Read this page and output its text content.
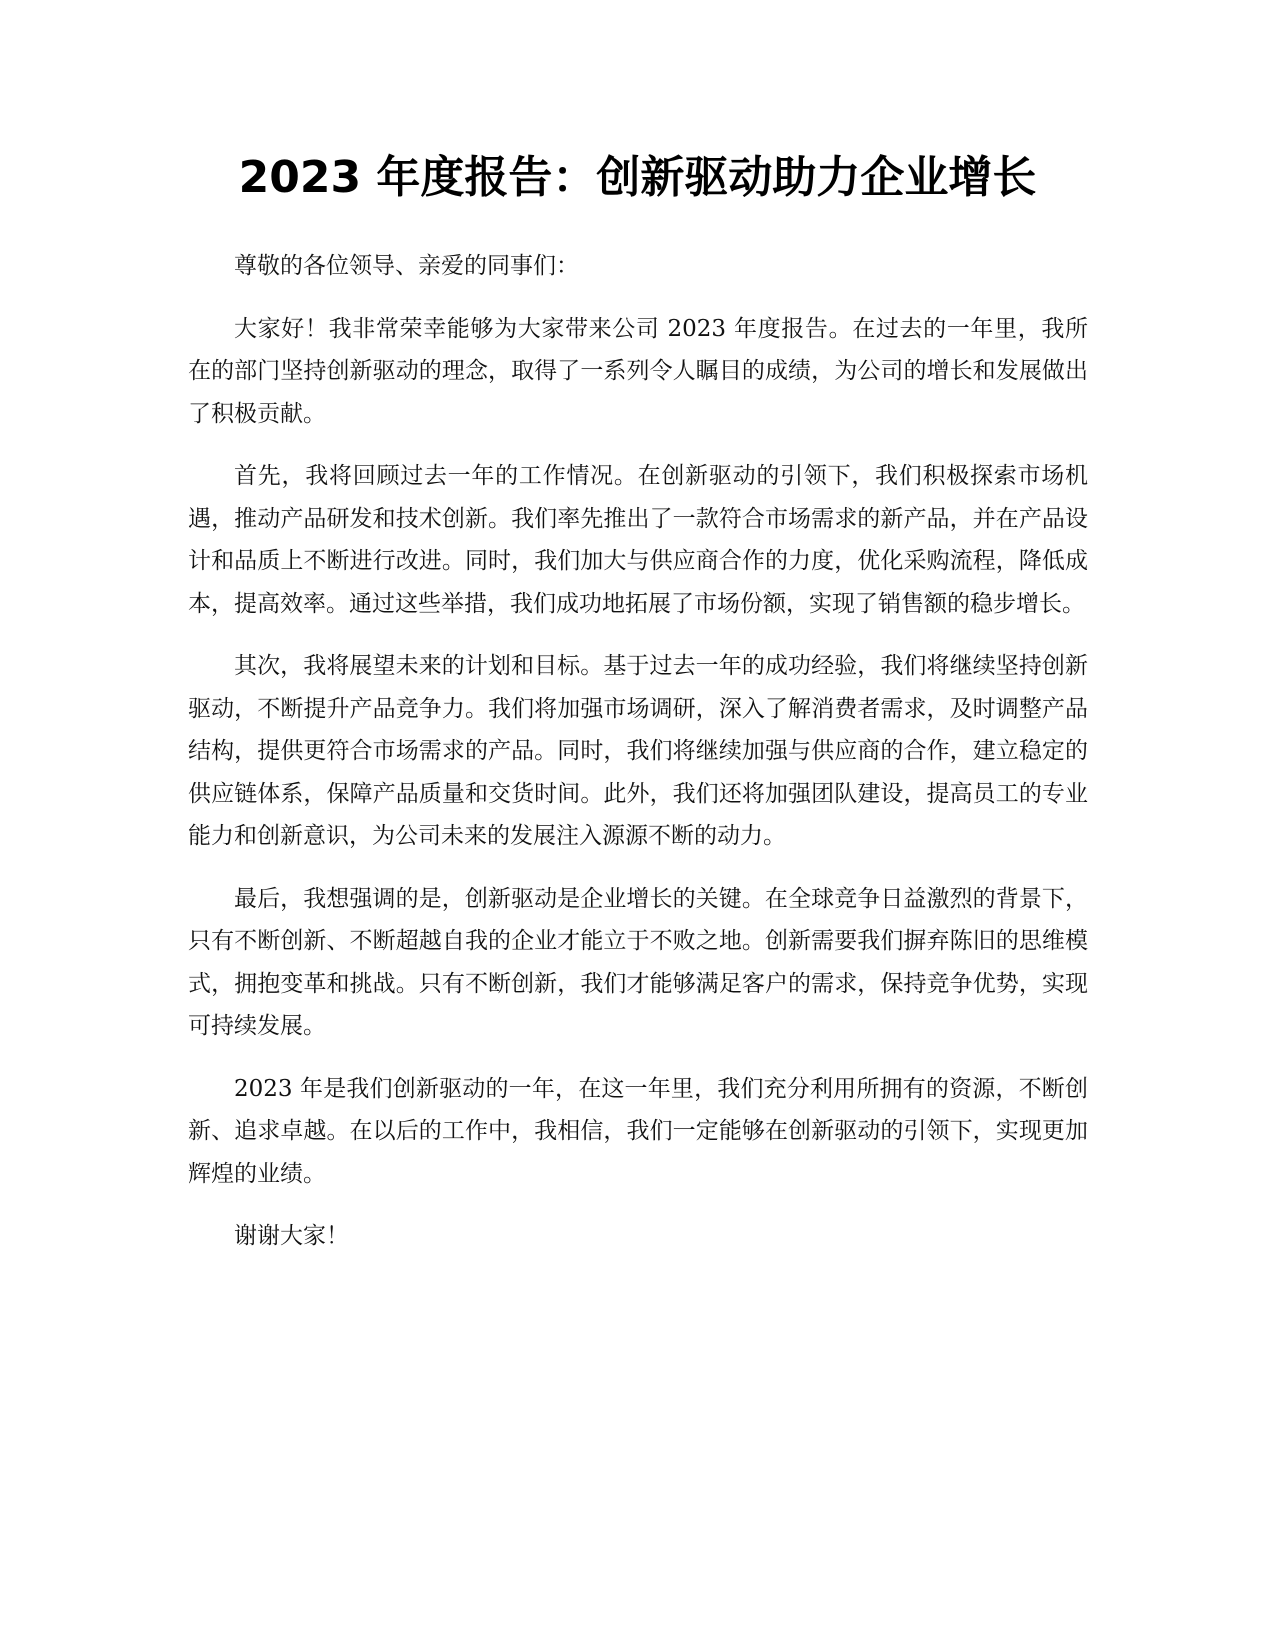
2023 年度报告：创新驱动助力企业增长

尊敬的各位领导、亲爱的同事们：

大家好！我非常荣幸能够为大家带来公司 2023 年度报告。在过去的一年里，我所在的部门坚持创新驱动的理念，取得了一系列令人瞩目的成绩，为公司的增长和发展做出了积极贡献。

首先，我将回顾过去一年的工作情况。在创新驱动的引领下，我们积极探索市场机遇，推动产品研发和技术创新。我们率先推出了一款符合市场需求的新产品，并在产品设计和品质上不断进行改进。同时，我们加大与供应商合作的力度，优化采购流程，降低成本，提高效率。通过这些举措，我们成功地拓展了市场份额，实现了销售额的稳步增长。

其次，我将展望未来的计划和目标。基于过去一年的成功经验，我们将继续坚持创新驱动，不断提升产品竞争力。我们将加强市场调研，深入了解消费者需求，及时调整产品结构，提供更符合市场需求的产品。同时，我们将继续加强与供应商的合作，建立稳定的供应链体系，保障产品质量和交货时间。此外，我们还将加强团队建设，提高员工的专业能力和创新意识，为公司未来的发展注入源源不断的动力。

最后，我想强调的是，创新驱动是企业增长的关键。在全球竞争日益激烈的背景下，只有不断创新、不断超越自我的企业才能立于不败之地。创新需要我们摒弃陈旧的思维模式，拥抱变革和挑战。只有不断创新，我们才能够满足客户的需求，保持竞争优势，实现可持续发展。

2023 年是我们创新驱动的一年，在这一年里，我们充分利用所拥有的资源，不断创新、追求卓越。在以后的工作中，我相信，我们一定能够在创新驱动的引领下，实现更加辉煌的业绩。

谢谢大家！
